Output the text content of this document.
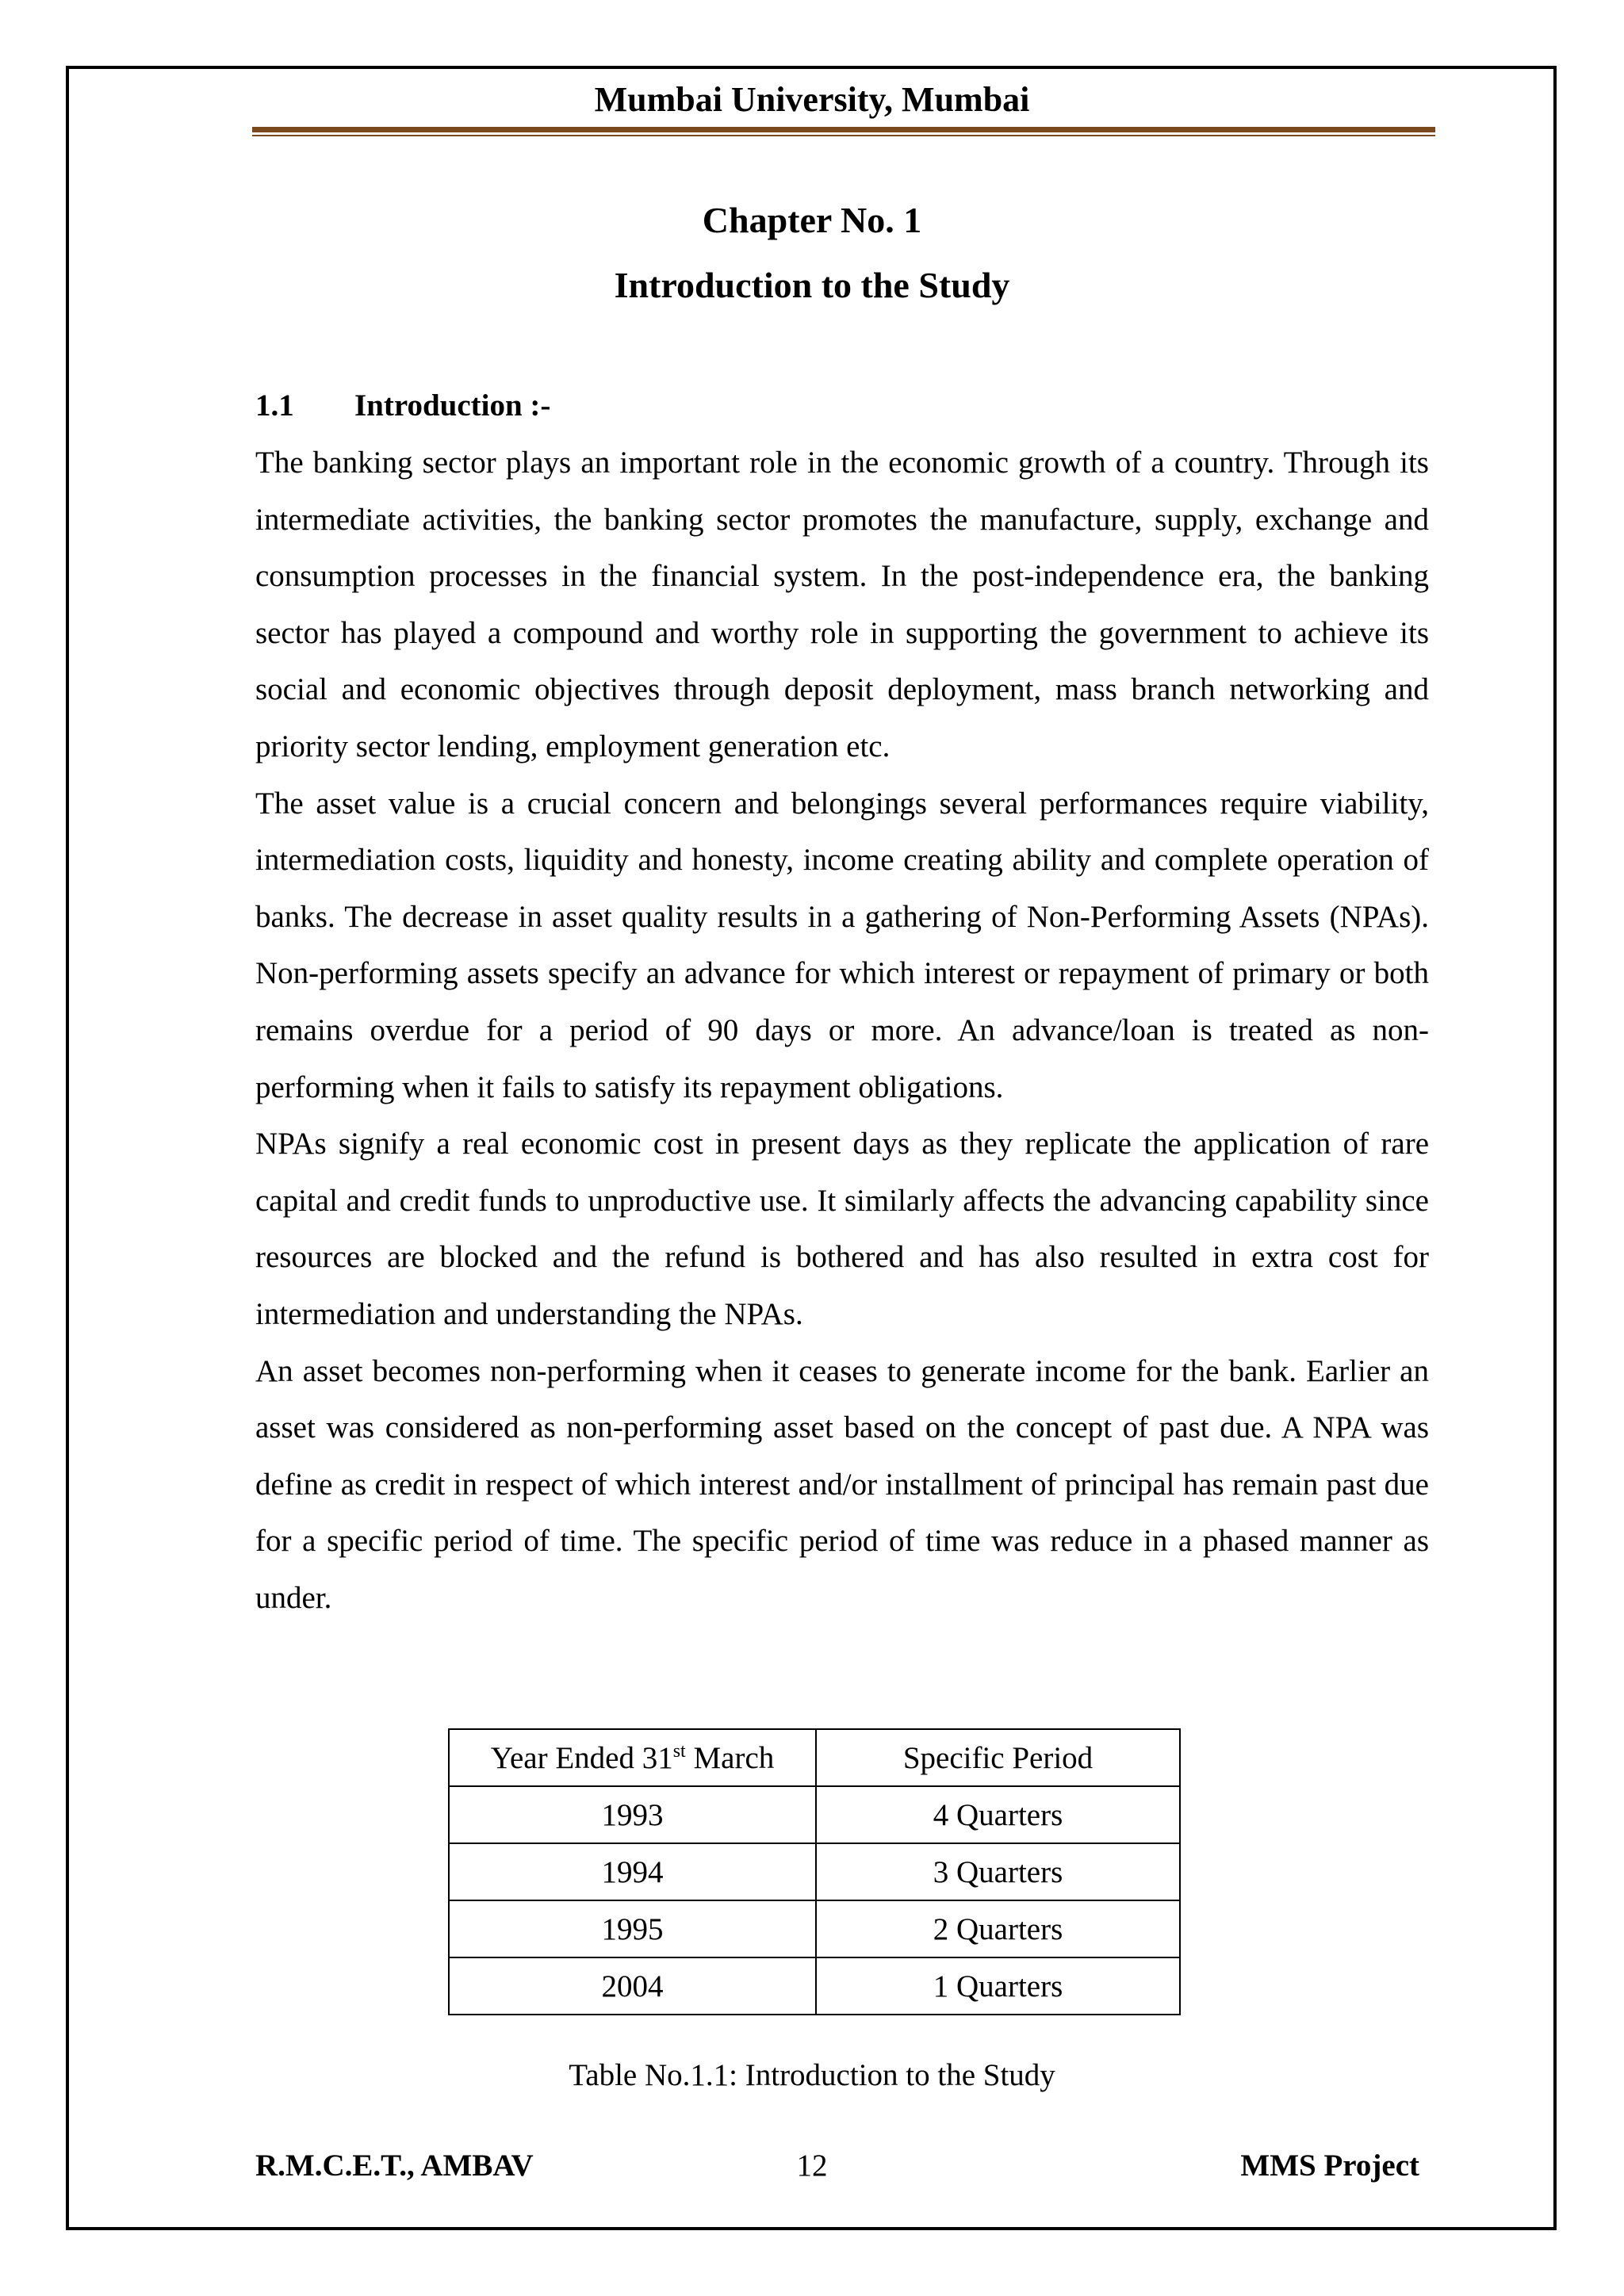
Mumbai University, Mumbai
Chapter No. 1
Introduction to the Study
1.1 Introduction :-

The banking sector plays an important role in the economic growth of a country. Through its intermediate activities, the banking sector promotes the manufacture, supply, exchange and consumption processes in the financial system. In the post-independence era, the banking sector has played a compound and worthy role in supporting the government to achieve its social and economic objectives through deposit deployment, mass branch networking and priority sector lending, employment generation etc.

The asset value is a crucial concern and belongings several performances require viability, intermediation costs, liquidity and honesty, income creating ability and complete operation of banks. The decrease in asset quality results in a gathering of Non-Performing Assets (NPAs). Non-performing assets specify an advance for which interest or repayment of primary or both remains overdue for a period of 90 days or more. An advance/loan is treated as non-performing when it fails to satisfy its repayment obligations.

NPAs signify a real economic cost in present days as they replicate the application of rare capital and credit funds to unproductive use. It similarly affects the advancing capability since resources are blocked and the refund is bothered and has also resulted in extra cost for intermediation and understanding the NPAs.

An asset becomes non-performing when it ceases to generate income for the bank. Earlier an asset was considered as non-performing asset based on the concept of past due. A NPA was define as credit in respect of which interest and/or installment of principal has remain past due for a specific period of time. The specific period of time was reduce in a phased manner as under.

Year Ended 31st March	Specific Period
1993	4 Quarters
1994	3 Quarters
1995	2 Quarters
2004	1 Quarters
Table No.1.1: Introduction to the Study
R.M.C.E.T., AMBAV	12	MMS Project
